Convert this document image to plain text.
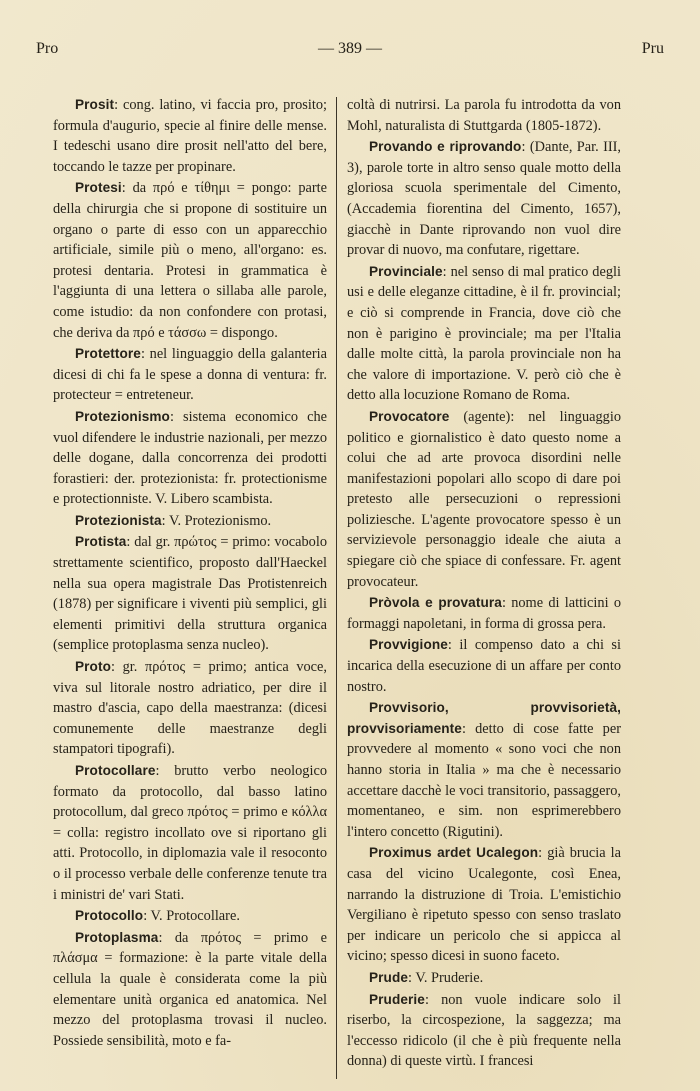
Pro	— 389 —	Pru

Prosit: cong. latino, vi faccia pro, prosito; formula d'augurio, specie al finire delle mense. I tedeschi usano dire prosit nell'atto del bere, toccando le tazze per propinare.

Protesi: da πρό e τίθημι = pongo: parte della chirurgia che si propone di sostituire un organo o parte di esso con un apparecchio artificiale, simile più o meno, all'organo: es. protesi dentaria. Protesi in grammatica è l'aggiunta di una lettera o sillaba alle parole, come istudio: da non confondere con protasi, che deriva da πρό e τάσσω = dispongo.

Protettore: nel linguaggio della galanteria dicesi di chi fa le spese a donna di ventura: fr. protecteur = entreteneur.

Protezionismo: sistema economico che vuol difendere le industrie nazionali, per mezzo delle dogane, dalla concorrenza dei prodotti forastieri: der. protezionista: fr. protectionisme e protectionniste. V. Libero scambista.

Protezionista: V. Protezionismo.

Protista: dal gr. πρώτος = primo: vocabolo strettamente scientifico, proposto dall'Haeckel nella sua opera magistrale Das Protistenreich (1878) per significare i viventi più semplici, gli elementi primitivi della struttura organica (semplice protoplasma senza nucleo).

Proto: gr. πρότος = primo; antica voce, viva sul litorale nostro adriatico, per dire il mastro d'ascia, capo della maestranza: (dicesi comunemente delle maestranze degli stampatori tipografi).

Protocollare: brutto verbo neologico formato da protocollo, dal basso latino protocollum, dal greco πρότος = primo e κόλλα = colla: registro incollato ove si riportano gli atti. Protocollo, in diplomazia vale il resoconto o il processo verbale delle conferenze tenute tra i ministri de' vari Stati.

Protocollo: V. Protocollare.

Protoplasma: da πρότος = primo e πλάσμα = formazione: è la parte vitale della cellula la quale è considerata come la più elementare unità organica ed anatomica. Nel mezzo del protoplasma trovasi il nucleo. Possiede sensibilità, moto e fa-

coltà di nutrirsi. La parola fu introdotta da von Mohl, naturalista di Stuttgarda (1805-1872).

Provando e riprovando: (Dante, Par. III, 3), parole torte in altro senso quale motto della gloriosa scuola sperimentale del Cimento, (Accademia fiorentina del Cimento, 1657), giacchè in Dante riprovando non vuol dire provar di nuovo, ma confutare, rigettare.

Provinciale: nel senso di mal pratico degli usi e delle eleganze cittadine, è il fr. provincial; e ciò si comprende in Francia, dove ciò che non è parigino è provinciale; ma per l'Italia dalle molte città, la parola provinciale non ha che valore di importazione. V. però ciò che è detto alla locuzione Romano de Roma.

Provocatore (agente): nel linguaggio politico e giornalistico è dato questo nome a colui che ad arte provoca disordini nelle manifestazioni popolari allo scopo di dare poi pretesto alle persecuzioni o repressioni poliziesche. L'agente provocatore spesso è un servizievole personaggio ideale che aiuta a spiegare ciò che spiace di confessare. Fr. agent provocateur.

Pròvola e provatura: nome di latticini o formaggi napoletani, in forma di grossa pera.

Provvigione: il compenso dato a chi si incarica della esecuzione di un affare per conto nostro.

Provvisorio, provvisorietà, provvisoriamente: detto di cose fatte per provvedere al momento « sono voci che non hanno storia in Italia » ma che è necessario accettare dacchè le voci transitorio, passaggero, momentaneo, e sim. non esprimerebbero l'intero concetto (Rigutini).

Proximus ardet Ucalegon: già brucia la casa del vicino Ucalegonte, così Enea, narrando la distruzione di Troia. L'emistichio Vergiliano è ripetuto spesso con senso traslato per indicare un pericolo che si appicca al vicino; spesso dicesi in suono faceto.

Prude: V. Pruderie.

Pruderie: non vuole indicare solo il riserbo, la circospezione, la saggezza; ma l'eccesso ridicolo (il che è più frequente nella donna) di queste virtù. I francesi
